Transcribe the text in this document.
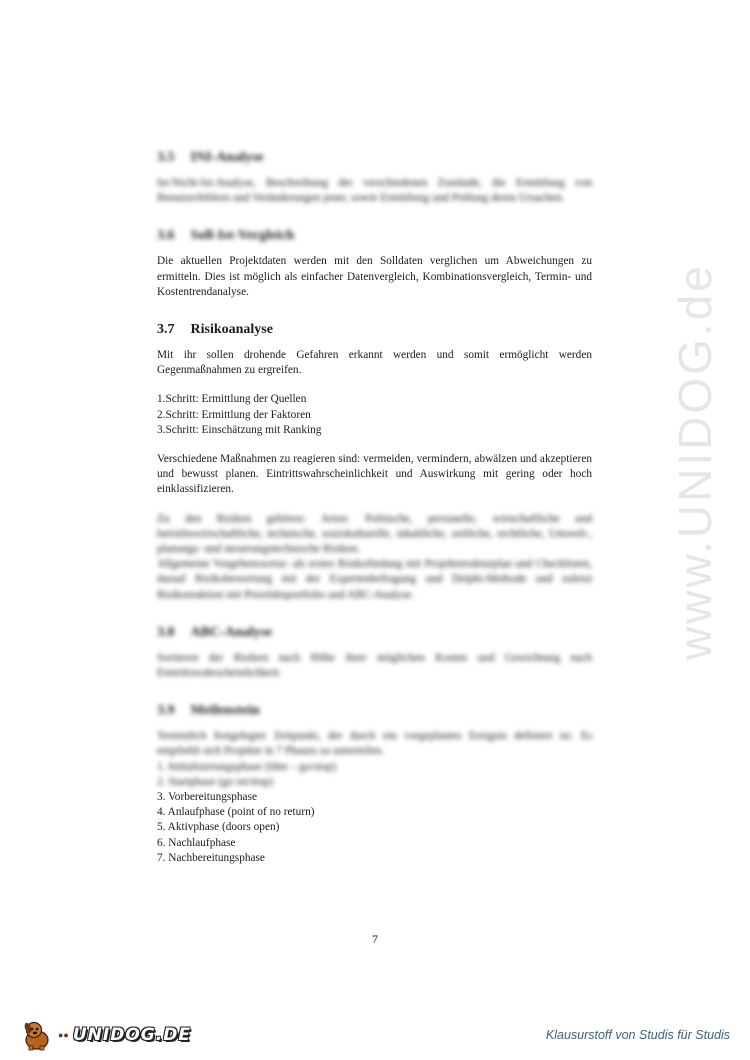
3.5 INI-Analyse

Ist-Nicht-Ist-Analyse, Beschreibung der verschiedenen Zustände, die Ermittlung von Benutzerfehlern und Veränderungen jener, sowie Ermittlung und Prüfung deren Ursachen.

3.6 Soll-Ist-Vergleich

Die aktuellen Projektdaten werden mit den Solldaten verglichen um Abweichungen zu ermitteln. Dies ist möglich als einfacher Datenvergleich, Kombinationsvergleich, Termin- und Kostentrendanalyse.

3.7 Risikoanalyse

Mit ihr sollen drohende Gefahren erkannt werden und somit ermöglicht werden Gegenmaßnahmen zu ergreifen.

1.Schritt: Ermittlung der Quellen
2.Schritt: Ermittlung der Faktoren
3.Schritt: Einschätzung mit Ranking

Verschiedene Maßnahmen zu reagieren sind: vermeiden, vermindern, abwälzen und akzeptieren und bewusst planen. Eintrittswahrscheinlichkeit und Auswirkung mit gering oder hoch einklassifizieren.

Zu den Risiken gehören: Arten: Politische, personelle, wirtschaftliche und betriebswirtschaftliche, technische, soziokulturelle, inhaltliche, zeitliche, rechtliche, Umwelt-, planungs- und steuerungstechnische Risiken.

Allgemeine Vorgehensweise: als erstes Risikofindung mit Projektstrukturplan und Checklisten, darauf Risikobewertung mit der Expertenbefragung und Delphi-Methode und zuletzt Risikoreaktion mit Prioritätsportfolio und ABC-Analyse.

3.8 ABC-Analyse

Sortieren der Risiken nach Höhe ihrer möglichen Kosten und Gewichtung nach Eintrittswahrscheinlichkeit.

3.9 Meilenstein

Terminlich festgelegter Zeitpunkt, der durch ein vorgeplantes Ereignis definiert ist. Es empfiehlt sich Projekte in 7 Phasen zu unterteilen.

1. Initialisierungsphase (Idee – go/stop)
2. Startphase (go on/stop)
3. Vorbereitungsphase
4. Anlaufphase (point of no return)
5. Aktivphase (doors open)
6. Nachlaufphase
7. Nachbereitungsphase
7
www.UNIDOG.de
●● UNIDOG.DE	Klausurstoff von Studis für Studis
